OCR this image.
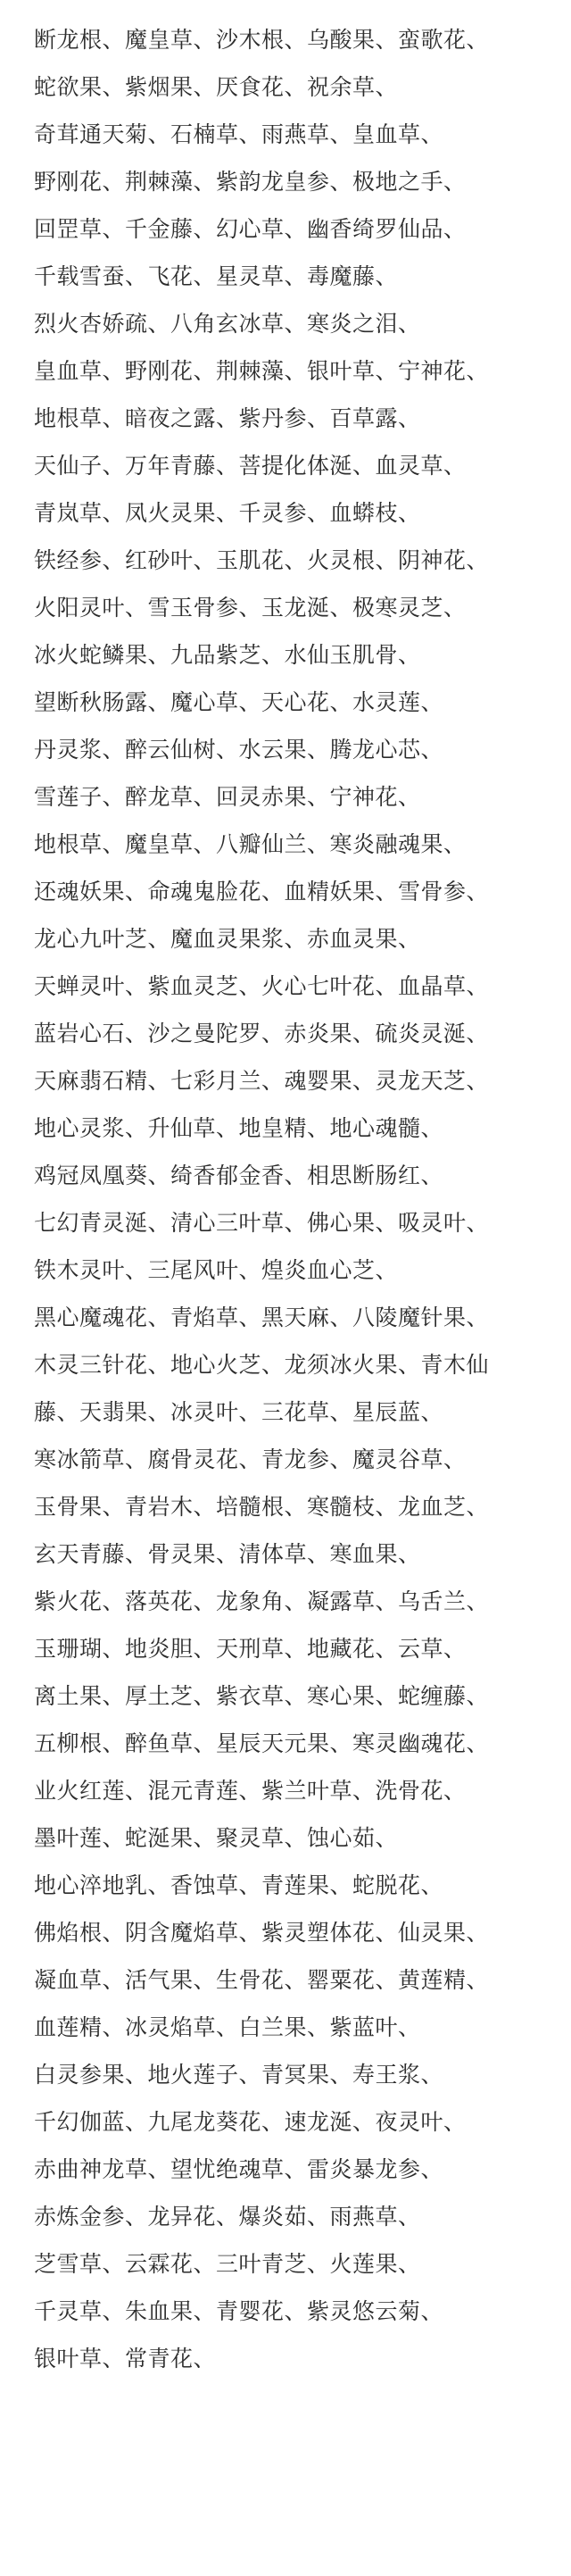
断龙根、魔皇草、沙木根、乌酸果、蛮歌花、
蛇欲果、紫烟果、厌食花、祝余草、
奇茸通天菊、石楠草、雨燕草、皇血草、
野刚花、荆棘藻、紫韵龙皇参、极地之手、
回罡草、千金藤、幻心草、幽香绮罗仙品、
千载雪蚕、飞花、星灵草、毒魔藤、
烈火杏娇疏、八角玄冰草、寒炎之泪、
皇血草、野刚花、荆棘藻、银叶草、宁神花、
地根草、暗夜之露、紫丹参、百草露、
天仙子、万年青藤、菩提化体涎、血灵草、
青岚草、凤火灵果、千灵参、血蟒枝、
铁经参、红砂叶、玉肌花、火灵根、阴神花、
火阳灵叶、雪玉骨参、玉龙涎、极寒灵芝、
冰火蛇鳞果、九品紫芝、水仙玉肌骨、
望断秋肠露、魔心草、天心花、水灵莲、
丹灵浆、醉云仙树、水云果、腾龙心芯、
雪莲子、醉龙草、回灵赤果、宁神花、
地根草、魔皇草、八瓣仙兰、寒炎融魂果、
还魂妖果、命魂鬼脸花、血精妖果、雪骨参、
龙心九叶芝、魔血灵果浆、赤血灵果、
天蝉灵叶、紫血灵芝、火心七叶花、血晶草、
蓝岩心石、沙之曼陀罗、赤炎果、硫炎灵涎、
天麻翡石精、七彩月兰、魂婴果、灵龙天芝、
地心灵浆、升仙草、地皇精、地心魂髓、
鸡冠凤凰葵、绮香郁金香、相思断肠红、
七幻青灵涎、清心三叶草、佛心果、吸灵叶、
铁木灵叶、三尾风叶、煌炎血心芝、
黑心魔魂花、青焰草、黑天麻、八陵魔针果、
木灵三针花、地心火芝、龙须冰火果、青木仙
藤、天翡果、冰灵叶、三花草、星辰蓝、
寒冰箭草、腐骨灵花、青龙参、魔灵谷草、
玉骨果、青岩木、培髓根、寒髓枝、龙血芝、
玄天青藤、骨灵果、清体草、寒血果、
紫火花、落英花、龙象角、凝露草、乌舌兰、
玉珊瑚、地炎胆、天刑草、地藏花、云草、
离土果、厚土芝、紫衣草、寒心果、蛇缠藤、
五柳根、醉鱼草、星辰天元果、寒灵幽魂花、
业火红莲、混元青莲、紫兰叶草、洗骨花、
墨叶莲、蛇涎果、聚灵草、蚀心茹、
地心淬地乳、香蚀草、青莲果、蛇脱花、
佛焰根、阴含魔焰草、紫灵塑体花、仙灵果、
凝血草、活气果、生骨花、罂粟花、黄莲精、
血莲精、冰灵焰草、白兰果、紫蓝叶、
白灵参果、地火莲子、青冥果、寿王浆、
千幻伽蓝、九尾龙葵花、速龙涎、夜灵叶、
赤曲神龙草、望忧绝魂草、雷炎暴龙参、
赤炼金参、龙异花、爆炎茹、雨燕草、
芝雪草、云霖花、三叶青芝、火莲果、
千灵草、朱血果、青婴花、紫灵悠云菊、
银叶草、常青花、
